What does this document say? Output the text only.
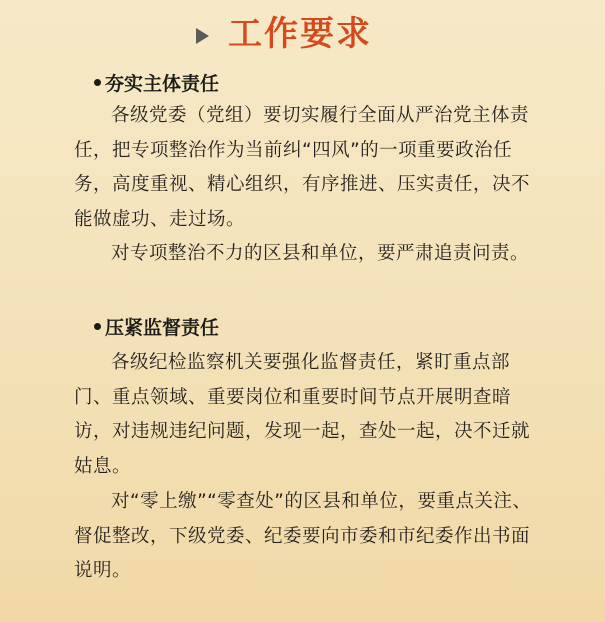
工作要求
夯实主体责任
各级党委（党组）要切实履行全面从严治党主体责任，把专项整治作为当前纠“四风”的一项重要政治任务，高度重视、精心组织，有序推进、压实责任，决不能做虚功、走过场。
对专项整治不力的区县和单位，要严肃追责问责。
压紧监督责任
各级纪检监察机关要强化监督责任，紧盯重点部门、重点领域、重要岗位和重要时间节点开展明查暗访，对违规违纪问题，发现一起，查处一起，决不迁就姑息。
对“零上缴”“零查处”的区县和单位，要重点关注、督促整改，下级党委、纪委要向市委和市纪委作出书面说明。
